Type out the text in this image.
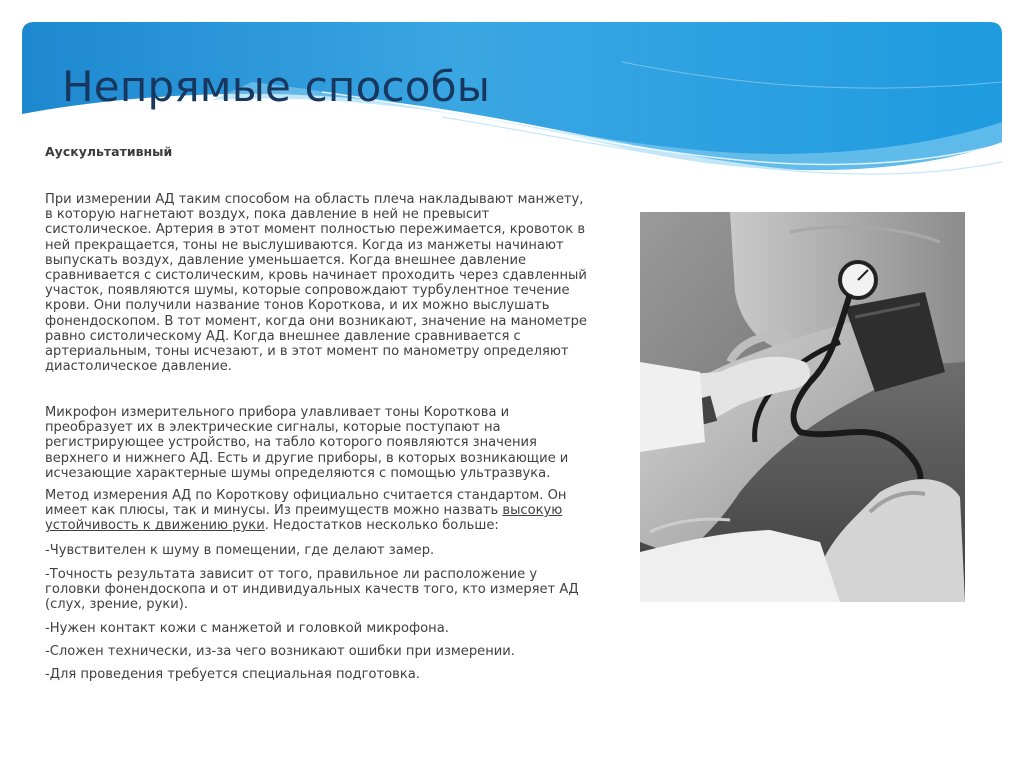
Непрямые способы
Аускультативный

При измерении АД таким способом на область плеча накладывают манжету, в которую нагнетают воздух, пока давление в ней не превысит систолическое. Артерия в этот момент полностью пережимается, кровоток в ней прекращается, тоны не выслушиваются. Когда из манжеты начинают выпускать воздух, давление уменьшается. Когда внешнее давление сравнивается с систолическим, кровь начинает проходить через сдавленный участок, появляются шумы, которые сопровождают турбулентное течение крови. Они получили название тонов Короткова, и их можно выслушать фонендоскопом. В тот момент, когда они возникают, значение на манометре равно систолическому АД. Когда внешнее давление сравнивается с артериальным, тоны исчезают, и в этот момент по манометру определяют диастолическое давление.

Микрофон измерительного прибора улавливает тоны Короткова и преобразует их в электрические сигналы, которые поступают на регистрирующее устройство, на табло которого появляются значения верхнего и нижнего АД. Есть и другие приборы, в которых возникающие и исчезающие характерные шумы определяются с помощью ультразвука.

Метод измерения АД по Короткову официально считается стандартом. Он имеет как плюсы, так и минусы. Из преимуществ можно назвать высокую устойчивость к движению руки. Недостатков несколько больше:

-Чувствителен к шуму в помещении, где делают замер.

-Точность результата зависит от того, правильное ли расположение у головки фонендоскопа и от индивидуальных качеств того, кто измеряет АД (слух, зрение, руки).

-Нужен контакт кожи с манжетой и головкой микрофона.

-Сложен технически, из-за чего возникают ошибки при измерении.

-Для проведения требуется специальная подготовка.
